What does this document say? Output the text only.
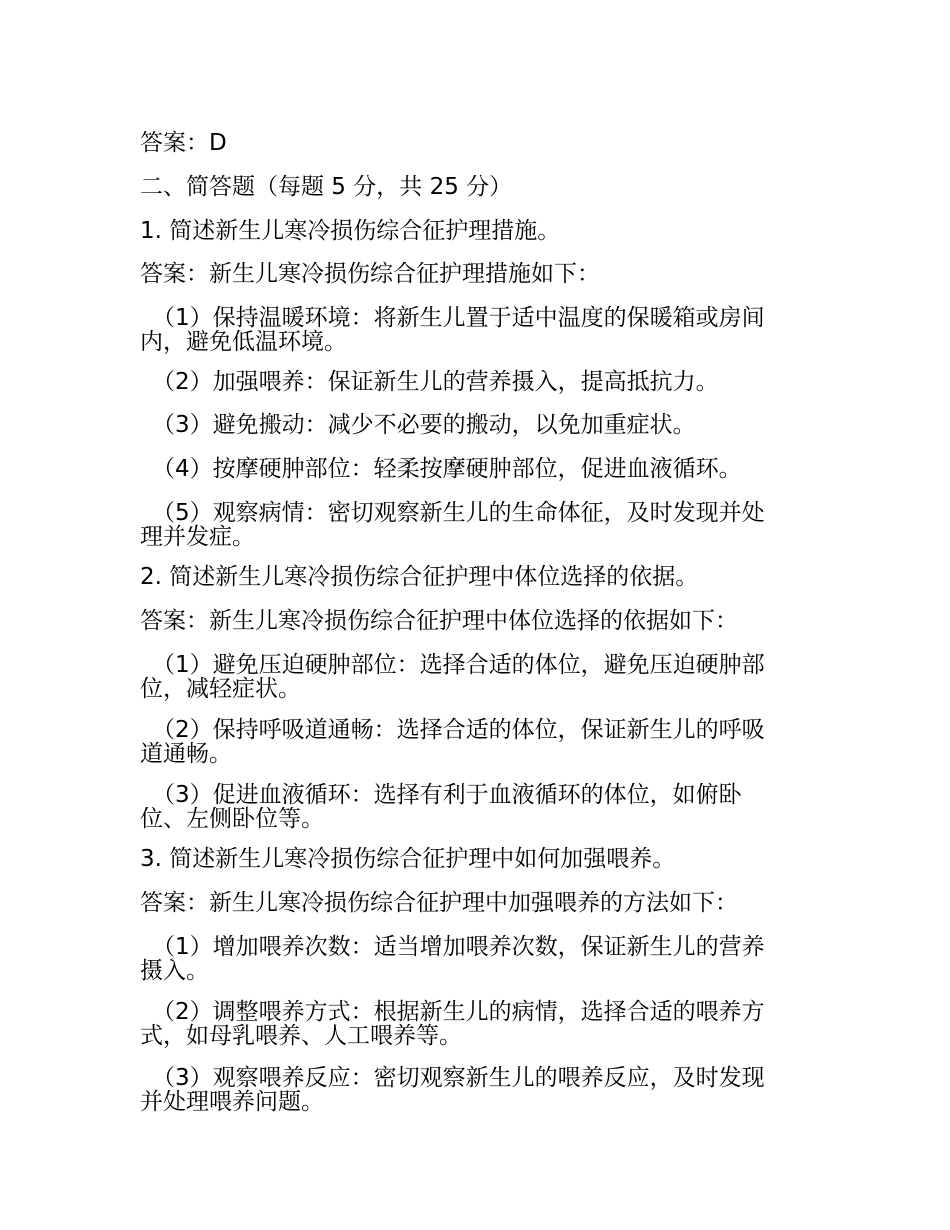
答案：D
二、简答题（每题 5 分，共 25 分）
1. 简述新生儿寒冷损伤综合征护理措施。
答案：新生儿寒冷损伤综合征护理措施如下：
（1）保持温暖环境：将新生儿置于适中温度的保暖箱或房间
内，避免低温环境。
（2）加强喂养：保证新生儿的营养摄入，提高抵抗力。
（3）避免搬动：减少不必要的搬动，以免加重症状。
（4）按摩硬肿部位：轻柔按摩硬肿部位，促进血液循环。
（5）观察病情：密切观察新生儿的生命体征，及时发现并处
理并发症。
2. 简述新生儿寒冷损伤综合征护理中体位选择的依据。
答案：新生儿寒冷损伤综合征护理中体位选择的依据如下：
（1）避免压迫硬肿部位：选择合适的体位，避免压迫硬肿部
位，减轻症状。
（2）保持呼吸道通畅：选择合适的体位，保证新生儿的呼吸
道通畅。
（3）促进血液循环：选择有利于血液循环的体位，如俯卧
位、左侧卧位等。
3. 简述新生儿寒冷损伤综合征护理中如何加强喂养。
答案：新生儿寒冷损伤综合征护理中加强喂养的方法如下：
（1）增加喂养次数：适当增加喂养次数，保证新生儿的营养
摄入。
（2）调整喂养方式：根据新生儿的病情，选择合适的喂养方
式，如母乳喂养、人工喂养等。
（3）观察喂养反应：密切观察新生儿的喂养反应，及时发现
并处理喂养问题。
